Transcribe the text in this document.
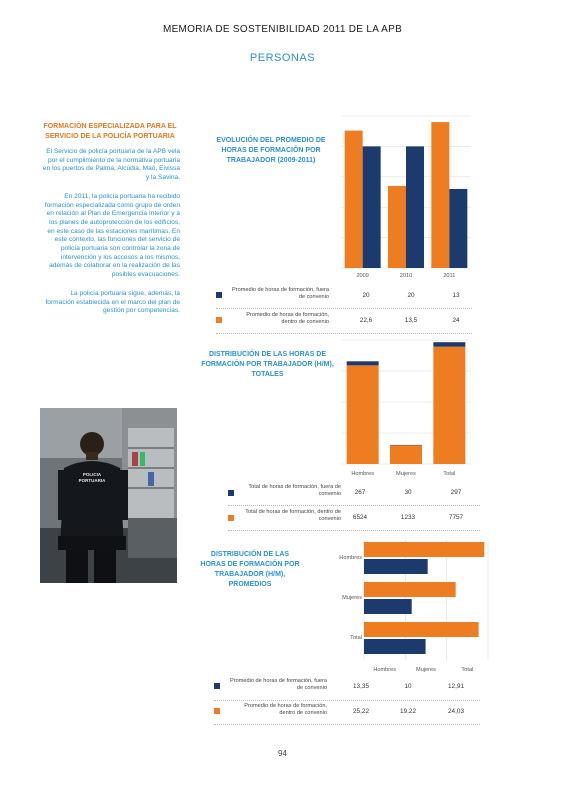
MEMORIA DE SOSTENIBILIDAD 2011 DE LA APB
PERSONAS
FORMACIÓN ESPECIALIZADA PARA EL SERVICIO DE LA POLICÍA PORTUARIA
El Servicio de policía portuaria de la APB vela por el cumplimiento de la normativa portuaria en los puertos de Palma, Alcúdia, Maó, Eivissa y la Savina.
En 2011, la policía portuaria ha recibido formación especializada como grupo de orden en relación al Plan de Emergencia Interior y a los planes de autoprotección de los edificios, en este caso de las estaciones marítimas. En este contexto, las funciones del servicio de policía portuaria son controlar la zona de intervención y los accesos a los mismos, además de colaborar en la realización de las posibles evacuaciones.
La policía portuaria sigue, además, la formación establecida en el marco del plan de gestión por competencias.
POLICIA
PORTUARIA
EVOLUCIÓN DEL PROMEDIO DE HORAS DE FORMACIÓN POR TRABAJADOR (2009-2011)
2009	2010	2011
Promedio de horas de formación, fuera de convenio	20	20	13
Promedio de horas de formación, dentro de convenio	22,6	13,5	24
DISTRIBUCIÓN DE LAS HORAS DE FORMACIÓN POR TRABAJADOR (H/M), TOTALES
Hombres	Mujeres	Total
Total de horas de formación, fuera de convenio	267	30	297
Total de horas de formación, dentro de convenio	6524	1233	7757
DISTRIBUCIÓN DE LAS HORAS DE FORMACIÓN POR TRABAJADOR (H/M), PROMEDIOS
Hombres
Hombres
Mujeres
Mujeres
Total
Total
Promedio de horas de formación, fuera de convenio	13,35	10	12,91
Promedio de horas de formación, dentro de convenio	25,22	19,22	24,03
94
